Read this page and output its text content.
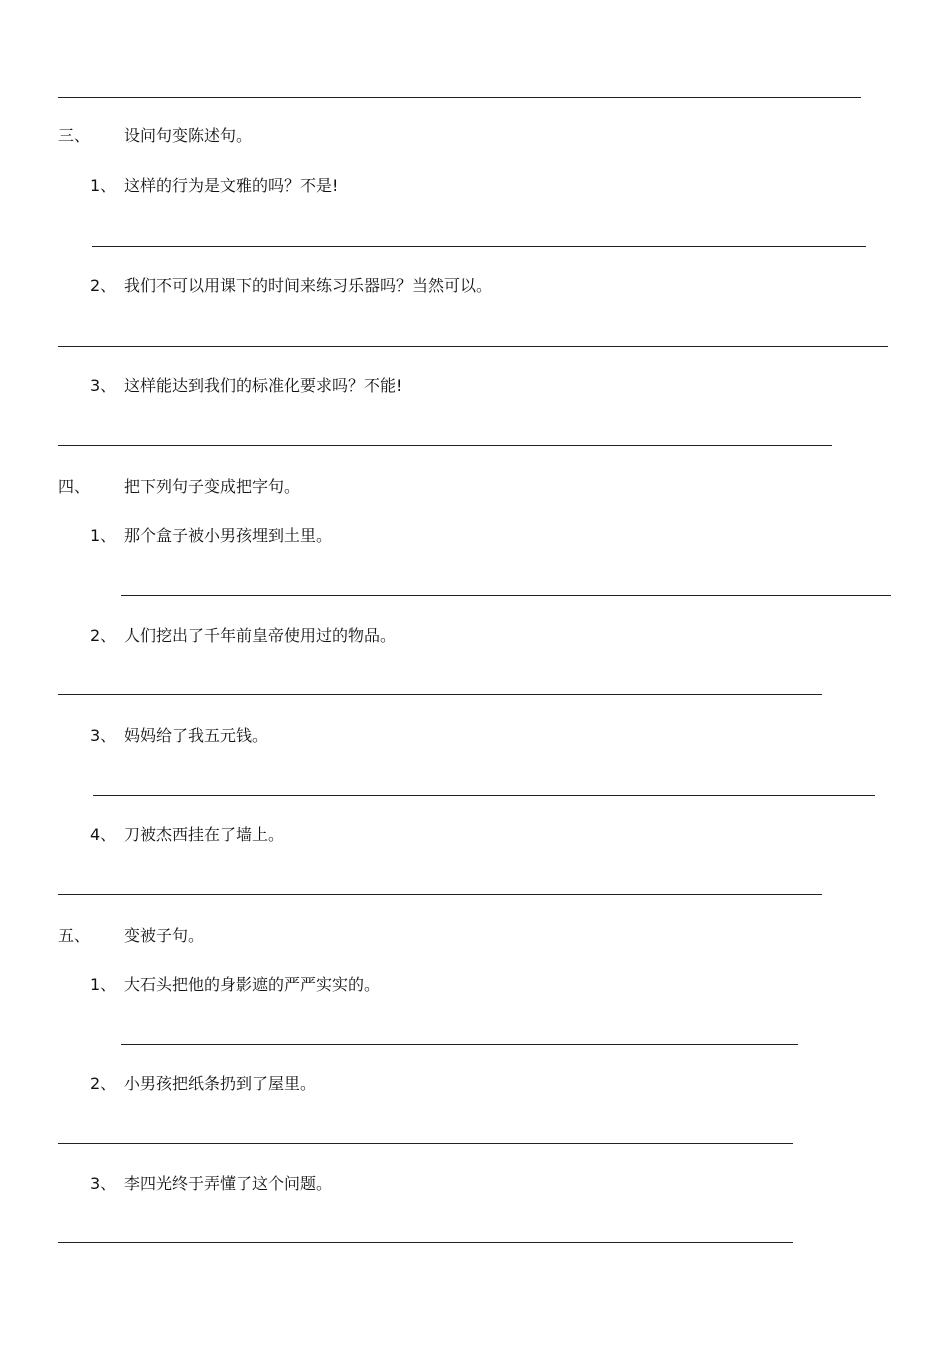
三、 设问句变陈述句。
1、 这样的行为是文雅的吗？不是!
2、 我们不可以用课下的时间来练习乐器吗？当然可以。
3、 这样能达到我们的标准化要求吗？不能!
四、 把下列句子变成把字句。
1、 那个盒子被小男孩埋到土里。
2、 人们挖出了千年前皇帝使用过的物品。
3、 妈妈给了我五元钱。
4、 刀被杰西挂在了墙上。
五、 变被子句。
1、 大石头把他的身影遮的严严实实的。
2、 小男孩把纸条扔到了屋里。
3、 李四光终于弄懂了这个问题。
